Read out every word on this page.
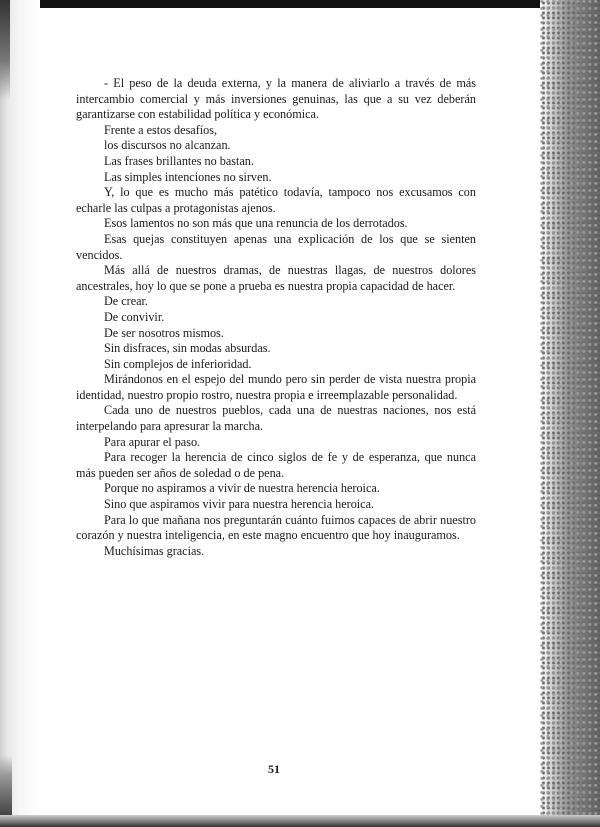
- El peso de la deuda externa, y la manera de aliviarlo a través de más intercambio comercial y más inversiones genuinas, las que a su vez deberán garantizarse con estabilidad política y económica.

Frente a estos desafíos,

los discursos no alcanzan.

Las frases brillantes no bastan.

Las simples intenciones no sirven.

Y, lo que es mucho más patético todavía, tampoco nos excusamos con echarle las culpas a protagonistas ajenos.

Esos lamentos no son más que una renuncia de los derrotados.

Esas quejas constituyen apenas una explicación de los que se sienten vencidos.

Más allá de nuestros dramas, de nuestras llagas, de nuestros dolores ancestrales, hoy lo que se pone a prueba es nuestra propia capacidad de hacer.

De crear.

De convivir.

De ser nosotros mismos.

Sin disfraces, sin modas absurdas.

Sin complejos de inferioridad.

Mirándonos en el espejo del mundo pero sin perder de vista nuestra propia identidad, nuestro propio rostro, nuestra propia e irreemplazable personalidad.

Cada uno de nuestros pueblos, cada una de nuestras naciones, nos está interpelando para apresurar la marcha.

Para apurar el paso.

Para recoger la herencia de cinco siglos de fe y de esperanza, que nunca más pueden ser años de soledad o de pena.

Porque no aspiramos a vivir de nuestra herencia heroica.

Sino que aspiramos vivir para nuestra herencia heroica.

Para lo que mañana nos preguntarán cuánto fuimos capaces de abrir nuestro corazón y nuestra inteligencia, en este magno encuentro que hoy inauguramos.

Muchísimas gracias.

51
